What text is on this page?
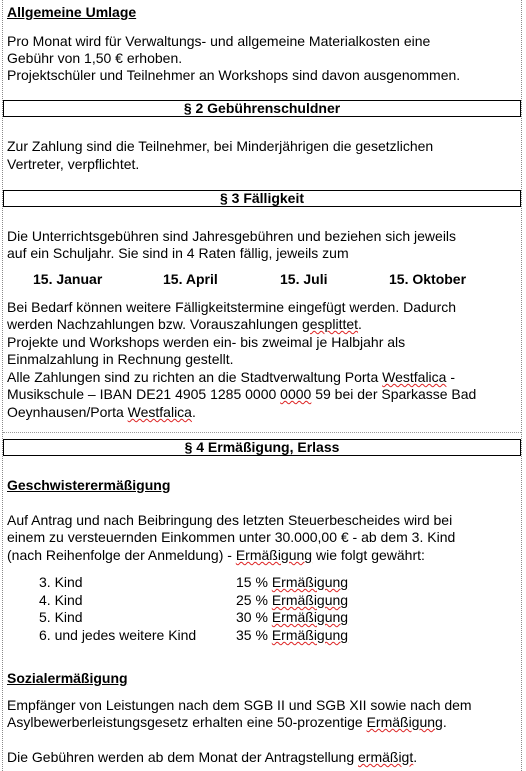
Allgemeine Umlage
Pro Monat wird für Verwaltungs- und allgemeine Materialkosten eine
Gebühr von 1,50 € erhoben.
Projektschüler und Teilnehmer an Workshops sind davon ausgenommen.
§ 2 Gebührenschuldner
Zur Zahlung sind die Teilnehmer, bei Minderjährigen die gesetzlichen
Vertreter, verpflichtet.
§ 3 Fälligkeit
Die Unterrichtsgebühren sind Jahresgebühren und beziehen sich jeweils
auf ein Schuljahr. Sie sind in 4 Raten fällig, jeweils zum
15. Januar	15. April	15. Juli	15. Oktober
Bei Bedarf können weitere Fälligkeitstermine eingefügt werden. Dadurch
werden Nachzahlungen bzw. Vorauszahlungen gesplittet.
Projekte und Workshops werden ein- bis zweimal je Halbjahr als
Einmalzahlung in Rechnung gestellt.
Alle Zahlungen sind zu richten an die Stadtverwaltung Porta Westfalica -
Musikschule – IBAN DE21 4905 1285 0000 0000 59 bei der Sparkasse Bad
Oeynhausen/Porta Westfalica.
§ 4 Ermäßigung, Erlass
Geschwisterermäßigung
Auf Antrag und nach Beibringung des letzten Steuerbescheides wird bei
einem zu versteuernden Einkommen unter 30.000,00 € - ab dem 3. Kind
(nach Reihenfolge der Anmeldung) - Ermäßigung wie folgt gewährt:
3. Kind	15 % Ermäßigung
4. Kind	25 % Ermäßigung
5. Kind	30 % Ermäßigung
6. und jedes weitere Kind	35 % Ermäßigung
Sozialermäßigung
Empfänger von Leistungen nach dem SGB II und SGB XII sowie nach dem
Asylbewerberleistungsgesetz erhalten eine 50-prozentige Ermäßigung.
Die Gebühren werden ab dem Monat der Antragstellung ermäßigt.
